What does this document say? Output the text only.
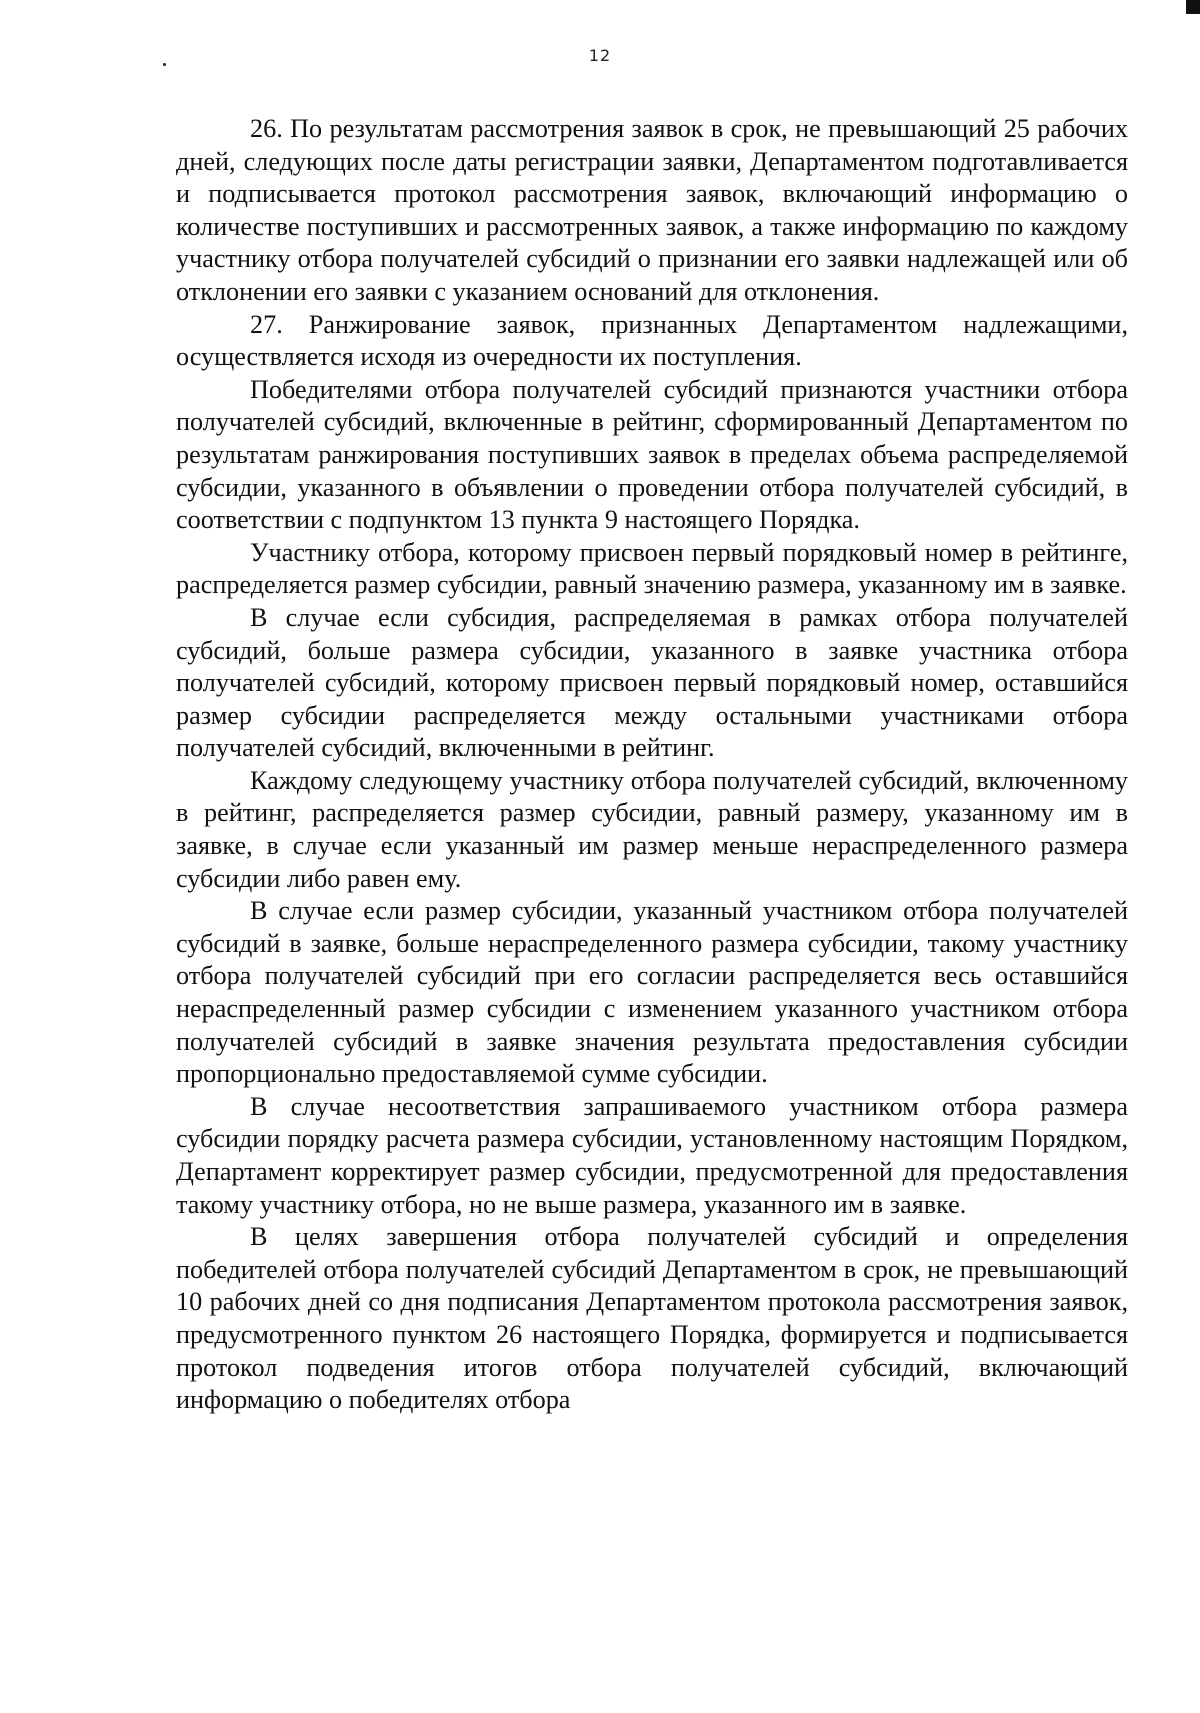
12

26. По результатам рассмотрения заявок в срок, не превышающий 25 рабочих дней, следующих после даты регистрации заявки, Департаментом подготавливается и подписывается протокол рассмотрения заявок, включающий информацию о количестве поступивших и рассмотренных заявок, а также информацию по каждому участнику отбора получателей субсидий о признании его заявки надлежащей или об отклонении его заявки с указанием оснований для отклонения.

27. Ранжирование заявок, признанных Департаментом надлежащими, осуществляется исходя из очередности их поступления.

Победителями отбора получателей субсидий признаются участники отбора получателей субсидий, включенные в рейтинг, сформированный Департаментом по результатам ранжирования поступивших заявок в пределах объема распределяемой субсидии, указанного в объявлении о проведении отбора получателей субсидий, в соответствии с подпунктом 13 пункта 9 настоящего Порядка.

Участнику отбора, которому присвоен первый порядковый номер в рейтинге, распределяется размер субсидии, равный значению размера, указанному им в заявке.

В случае если субсидия, распределяемая в рамках отбора получателей субсидий, больше размера субсидии, указанного в заявке участника отбора получателей субсидий, которому присвоен первый порядковый номер, оставшийся размер субсидии распределяется между остальными участниками отбора получателей субсидий, включенными в рейтинг.

Каждому следующему участнику отбора получателей субсидий, включенному в рейтинг, распределяется размер субсидии, равный размеру, указанному им в заявке, в случае если указанный им размер меньше нераспределенного размера субсидии либо равен ему.

В случае если размер субсидии, указанный участником отбора получателей субсидий в заявке, больше нераспределенного размера субсидии, такому участнику отбора получателей субсидий при его согласии распределяется весь оставшийся нераспределенный размер субсидии с изменением указанного участником отбора получателей субсидий в заявке значения результата предоставления субсидии пропорционально предоставляемой сумме субсидии.

В случае несоответствия запрашиваемого участником отбора размера субсидии порядку расчета размера субсидии, установленному настоящим Порядком, Департамент корректирует размер субсидии, предусмотренной для предоставления такому участнику отбора, но не выше размера, указанного им в заявке.

В целях завершения отбора получателей субсидий и определения победителей отбора получателей субсидий Департаментом в срок, не превышающий 10 рабочих дней со дня подписания Департаментом протокола рассмотрения заявок, предусмотренного пунктом 26 настоящего Порядка, формируется и подписывается протокол подведения итогов отбора получателей субсидий, включающий информацию о победителях отбора
